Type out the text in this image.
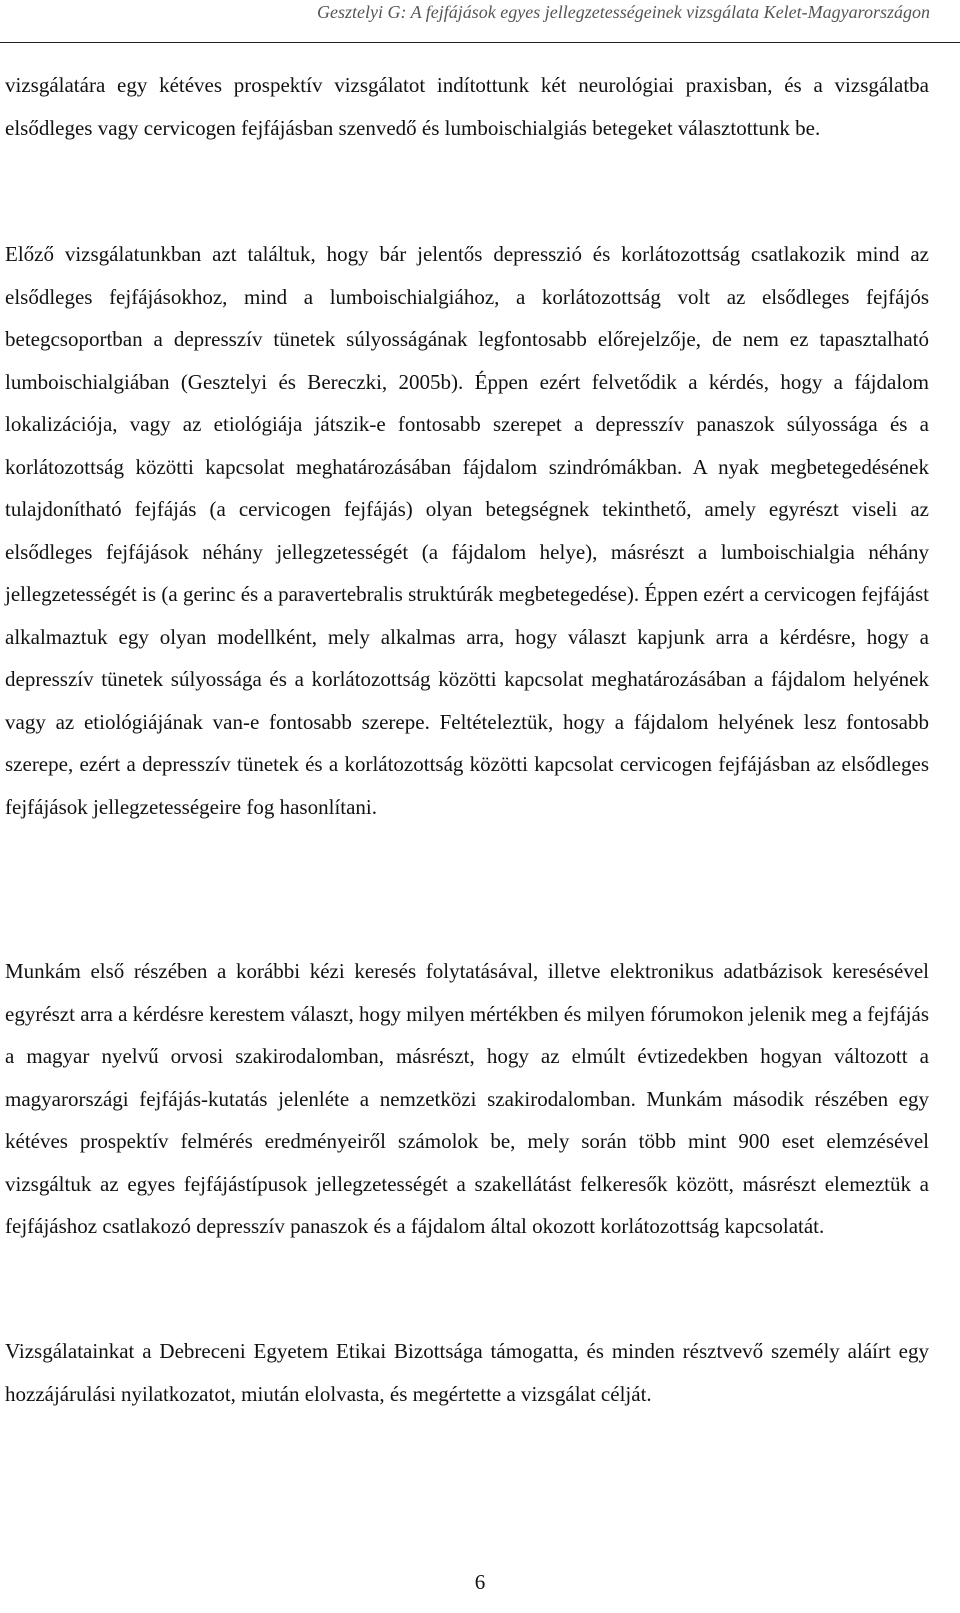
Gesztelyi G: A fejfájások egyes jellegzetességeinek vizsgálata Kelet-Magyarországon

vizsgálatára egy kétéves prospektív vizsgálatot indítottunk két neurológiai praxisban, és a vizsgálatba elsődleges vagy cervicogen fejfájásban szenvedő és lumboischialgiás betegeket választottunk be.

Előző vizsgálatunkban azt találtuk, hogy bár jelentős depresszió és korlátozottság csatlakozik mind az elsődleges fejfájásokhoz, mind a lumboischialgiához, a korlátozottság volt az elsődleges fejfájós betegcsoportban a depresszív tünetek súlyosságának legfontosabb előrejelzője, de nem ez tapasztalható lumboischialgiában (Gesztelyi és Bereczki, 2005b). Éppen ezért felvetődik a kérdés, hogy a fájdalom lokalizációja, vagy az etiológiája játszik-e fontosabb szerepet a depresszív panaszok súlyossága és a korlátozottság közötti kapcsolat meghatározásában fájdalom szindrómákban. A nyak megbetegedésének tulajdonítható fejfájás (a cervicogen fejfájás) olyan betegségnek tekinthető, amely egyrészt viseli az elsődleges fejfájások néhány jellegzetességét (a fájdalom helye), másrészt a lumboischialgia néhány jellegzetességét is (a gerinc és a paravertebralis struktúrák megbetegedése). Éppen ezért a cervicogen fejfájást alkalmaztuk egy olyan modellként, mely alkalmas arra, hogy választ kapjunk arra a kérdésre, hogy a depresszív tünetek súlyossága és a korlátozottság közötti kapcsolat meghatározásában a fájdalom helyének vagy az etiológiájának van-e fontosabb szerepe. Feltételeztük, hogy a fájdalom helyének lesz fontosabb szerepe, ezért a depresszív tünetek és a korlátozottság közötti kapcsolat cervicogen fejfájásban az elsődleges fejfájások jellegzetességeire fog hasonlítani.

Munkám első részében a korábbi kézi keresés folytatásával, illetve elektronikus adatbázisok keresésével egyrészt arra a kérdésre kerestem választ, hogy milyen mértékben és milyen fórumokon jelenik meg a fejfájás a magyar nyelvű orvosi szakirodalomban, másrészt, hogy az elmúlt évtizedekben hogyan változott a magyarországi fejfájás-kutatás jelenléte a nemzetközi szakirodalomban. Munkám második részében egy kétéves prospektív felmérés eredményeiről számolok be, mely során több mint 900 eset elemzésével vizsgáltuk az egyes fejfájástípusok jellegzetességét a szakellátást felkeresők között, másrészt elemeztük a fejfájáshoz csatlakozó depresszív panaszok és a fájdalom által okozott korlátozottság kapcsolatát.

Vizsgálatainkat a Debreceni Egyetem Etikai Bizottsága támogatta, és minden résztvevő személy aláírt egy hozzájárulási nyilatkozatot, miután elolvasta, és megértette a vizsgálat célját.

6
